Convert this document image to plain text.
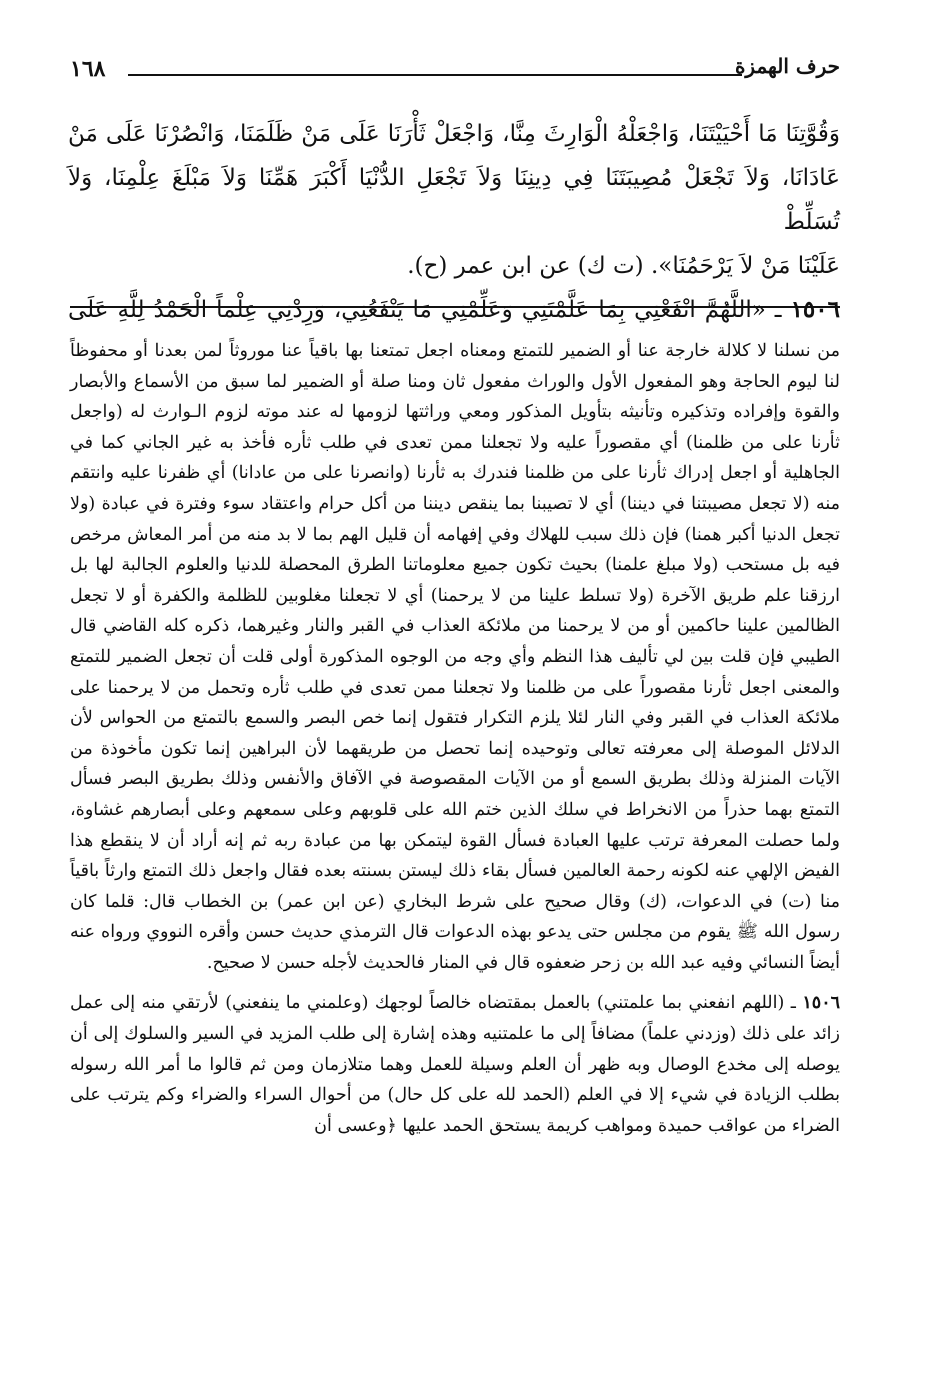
حرف الهمزة
١٦٨

وَقُوَّتِنَا مَا أَحْيَيْتَنَا، وَاجْعَلْهُ الْوَارِثَ مِنَّا، وَاجْعَلْ ثَأْرَنَا عَلَى مَنْ ظَلَمَنَا، وَانْصُرْنَا عَلَى مَنْ

عَادَانَا، وَلاَ تَجْعَلْ مُصِيبَتَنَا فِي دِينِنَا وَلاَ تَجْعَلِ الدُّنْيَا أَكْبَرَ هَمِّنَا وَلاَ مَبْلَغَ عِلْمِنَا، وَلاَ تُسَلِّطْ

عَلَيْنَا مَنْ لاَ يَرْحَمُنَا». (ت ك) عن ابن عمر (ح).

١٥٠٦ ـ «اللَّهُمَّ انْفَعْنِي بِمَا عَلَّمْتَنِي وَعَلِّمْنِي مَا يَنْفَعُنِي، وَزِدْنِي عِلْماً الْحَمْدُ لِلَّهِ عَلَى

من نسلنا لا كلالة خارجة عنا أو الضمير للتمتع ومعناه اجعل تمتعنا بها باقياً عنا موروثاً لمن بعدنا أو محفوظاً لنا ليوم الحاجة وهو المفعول الأول والوراث مفعول ثان ومنا صلة أو الضمير لما سبق من الأسماع والأبصار والقوة وإفراده وتذكيره وتأنيثه بتأويل المذكور ومعي وراثتها لزومها له عند موته لزوم الـوارث له (واجعل ثأرنا على من ظلمنا) أي مقصوراً عليه ولا تجعلنا ممن تعدى في طلب ثأره فأخذ به غير الجاني كما في الجاهلية أو اجعل إدراك ثأرنا على من ظلمنا فندرك به ثأرنا (وانصرنا على من عادانا) أي ظفرنا عليه وانتقم منه (لا تجعل مصيبتنا في ديننا) أي لا تصيبنا بما ينقص ديننا من أكل حرام واعتقاد سوء وفترة في عبادة (ولا تجعل الدنيا أكبر همنا) فإن ذلك سبب للهلاك وفي إفهامه أن قليل الهم بما لا بد منه من أمر المعاش مرخص فيه بل مستحب (ولا مبلغ علمنا) بحيث تكون جميع معلوماتنا الطرق المحصلة للدنيا والعلوم الجالبة لها بل ارزقنا علم طريق الآخرة (ولا تسلط علينا من لا يرحمنا) أي لا تجعلنا مغلوبين للظلمة والكفرة أو لا تجعل الظالمين علينا حاكمين أو من لا يرحمنا من ملائكة العذاب في القبر والنار وغيرهما، ذكره كله القاضي قال الطيبي فإن قلت بين لي تأليف هذا النظم وأي وجه من الوجوه المذكورة أولى قلت أن تجعل الضمير للتمتع والمعنى اجعل ثأرنا مقصوراً على من ظلمنا ولا تجعلنا ممن تعدى في طلب ثأره وتحمل من لا يرحمنا على ملائكة العذاب في القبر وفي النار لئلا يلزم التكرار فتقول إنما خص البصر والسمع بالتمتع من الحواس لأن الدلائل الموصلة إلى معرفته تعالى وتوحيده إنما تحصل من طريقهما لأن البراهين إنما تكون مأخوذة من الآيات المنزلة وذلك بطريق السمع أو من الآيات المقصوصة في الآفاق والأنفس وذلك بطريق البصر فسأل التمتع بهما حذراً من الانخراط في سلك الذين ختم الله على قلوبهم وعلى سمعهم وعلى أبصارهم غشاوة، ولما حصلت المعرفة ترتب عليها العبادة فسأل القوة ليتمكن بها من عبادة ربه ثم إنه أراد أن لا ينقطع هذا الفيض الإلهي عنه لكونه رحمة العالمين فسأل بقاء ذلك ليستن بسنته بعده فقال واجعل ذلك التمتع وارثاً باقياً منا (ت) في الدعوات، (ك) وقال صحيح على شرط البخاري (عن ابن عمر) بن الخطاب قال: قلما كان رسول الله ﷺ يقوم من مجلس حتى يدعو بهذه الدعوات قال الترمذي حديث حسن وأقره النووي ورواه عنه أيضاً النسائي وفيه عبد الله بن زحر ضعفوه قال في المنار فالحديث لأجله حسن لا صحيح.

١٥٠٦ ـ (اللهم انفعني بما علمتني) بالعمل بمقتضاه خالصاً لوجهك (وعلمني ما ينفعني) لأرتقي منه إلى عمل زائد على ذلك (وزدني علماً) مضافاً إلى ما علمتنيه وهذه إشارة إلى طلب المزيد في السير والسلوك إلى أن يوصله إلى مخدع الوصال وبه ظهر أن العلم وسيلة للعمل وهما متلازمان ومن ثم قالوا ما أمر الله رسوله بطلب الزيادة في شيء إلا في العلم (الحمد لله على كل حال) من أحوال السراء والضراء وكم يترتب على الضراء من عواقب حميدة ومواهب كريمة يستحق الحمد عليها ﴿وعسى أن
